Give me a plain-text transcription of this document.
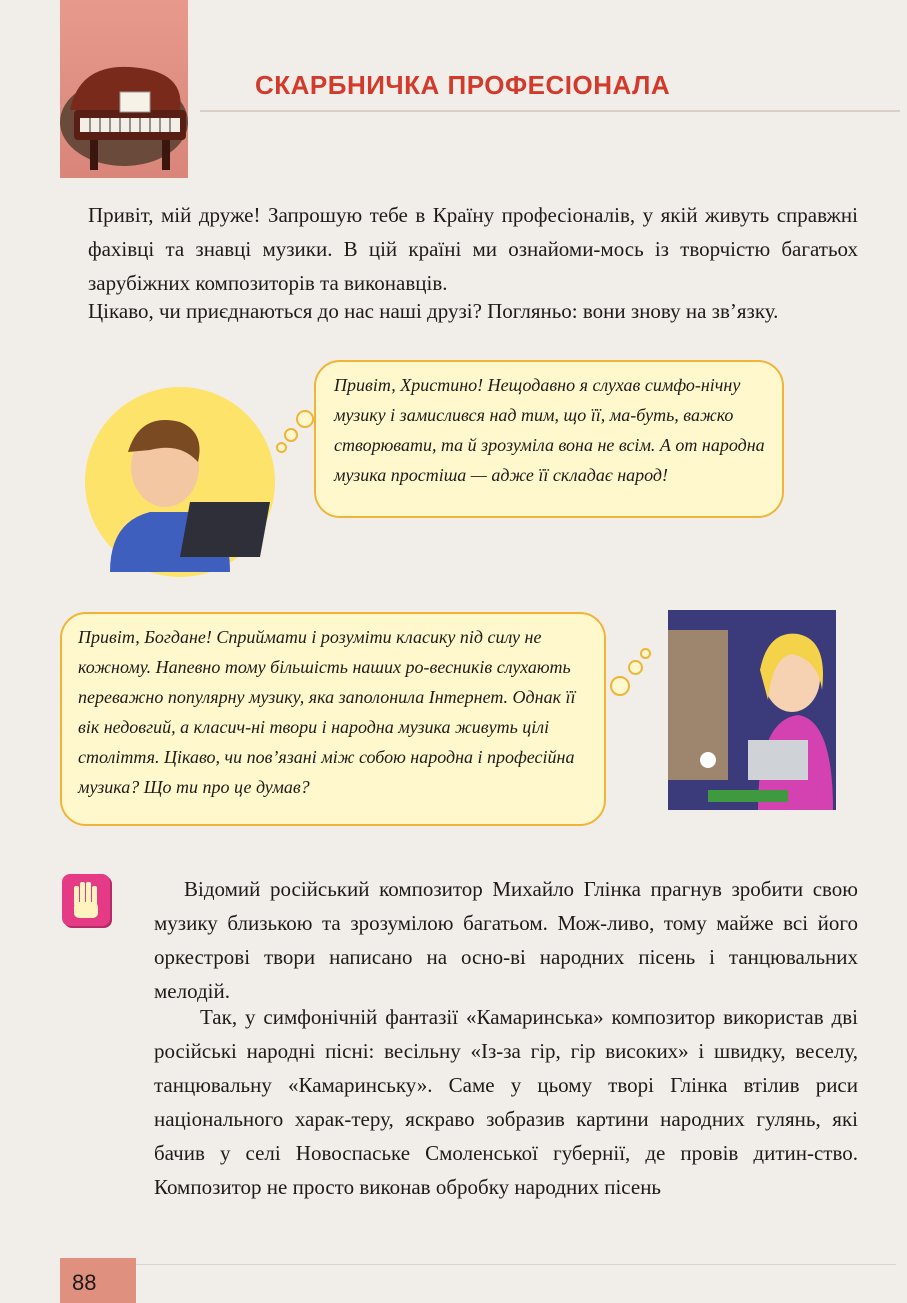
СКАРБНИЧКА ПРОФЕСІОНАЛА
Привіт, мій друже! Запрошую тебе в Країну професіоналів, у якій живуть справжні фахівці та знавці музики. В цій країні ми ознайоми-мось із творчістю багатьох зарубіжних композиторів та виконавців.
Цікаво, чи приєднаються до нас наші друзі? Погляньо: вони знову на зв’язку.
Привіт, Христино! Нещодавно я слухав симфо-нічну музику і замислився над тим, що її, ма-буть, важко створювати, та й зрозуміла вона не всім. А от народна музика простіша — адже її складає народ!
Привіт, Богдане! Сприймати і розуміти класику під силу не кожному. Напевно тому більшість наших ро-весників слухають переважно популярну музику, яка заполонила Інтернет. Однак її вік недовгий, а класич-ні твори і народна музика живуть цілі століття. Цікаво, чи пов’язані між собою народна і професійна музика? Що ти про це думав?
Відомий російський композитор Михайло Глінка прагнув зробити свою музику близькою та зрозумілою багатьом. Мож-ливо, тому майже всі його оркестрові твори написано на осно-ві народних пісень і танцювальних мелодій.
Так, у симфонічній фантазії «Камаринська» композитор використав дві російські народні пісні: весільну «Із-за гір, гір високих» і швидку, веселу, танцювальну «Камаринську». Саме у цьому творі Глінка втілив риси національного харак-теру, яскраво зобразив картини народних гулянь, які бачив у селі Новоспаське Смоленської губернії, де провів дитин-ство. Композитор не просто виконав обробку народних пісень
88
